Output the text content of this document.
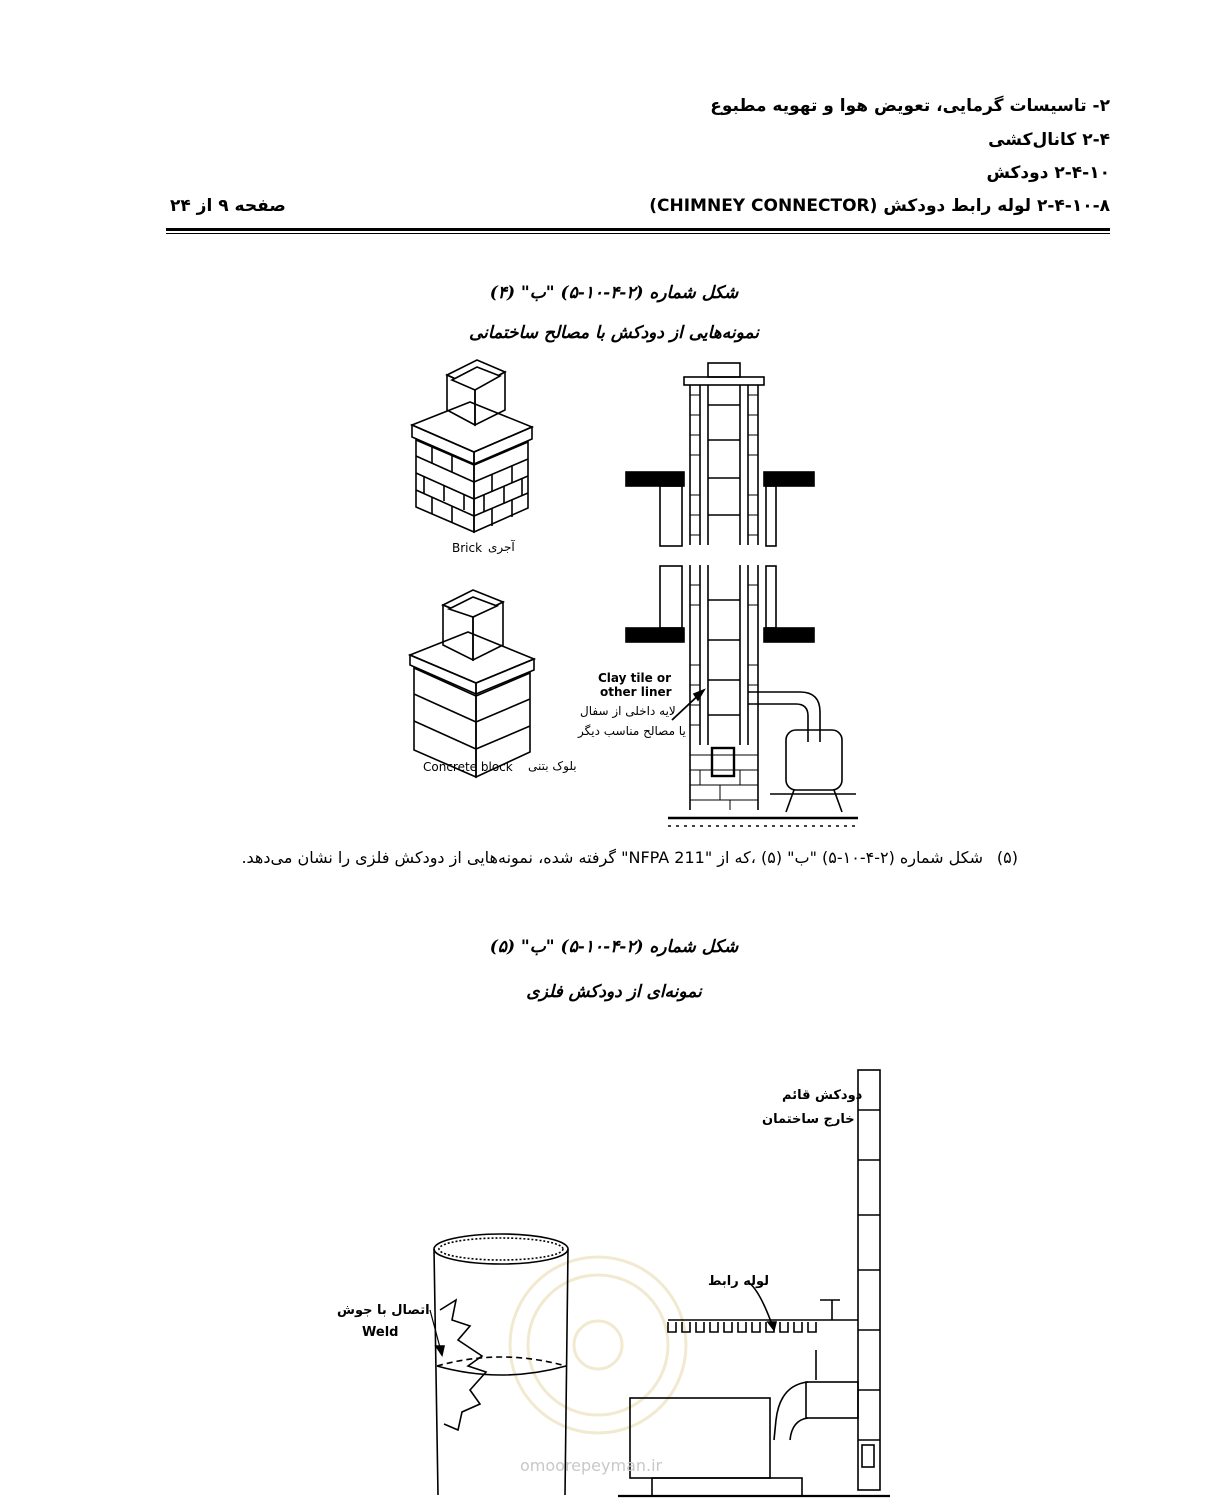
۲- تاسیسات گرمایی، تعویض هوا و تهویه مطبوع
۲-۴ کانال‌کشی
۲-۴-۱۰ دودکش
۲-۴-۱۰-۸ لوله رابط دودکش (CHIMNEY CONNECTOR)
صفحه ۹ از ۲۴
شکل شماره (۲-۴-۱۰-۵) "ب" (۴)
نمونه‌هایی از دودکش با مصالح ساختمانی
Brick آجری
Concrete block بلوک بتنی
Clay tile or
other liner
لایه داخلی از سفال
یا مصالح مناسب دیگر
(۵)
شکل شماره (۲-۴-۱۰-۵) "ب" (۵) ،که از "NFPA 211" گرفته شده، نمونه‌هایی از دودکش فلزی را نشان می‌دهد.
شکل شماره (۲-۴-۱۰-۵) "ب" (۵)
نمونه‌ای از دودکش فلزی
دودکش قائم
خارج ساختمان
لوله رابط
اتصال با جوش
Weld
omoorepeyman.ir
